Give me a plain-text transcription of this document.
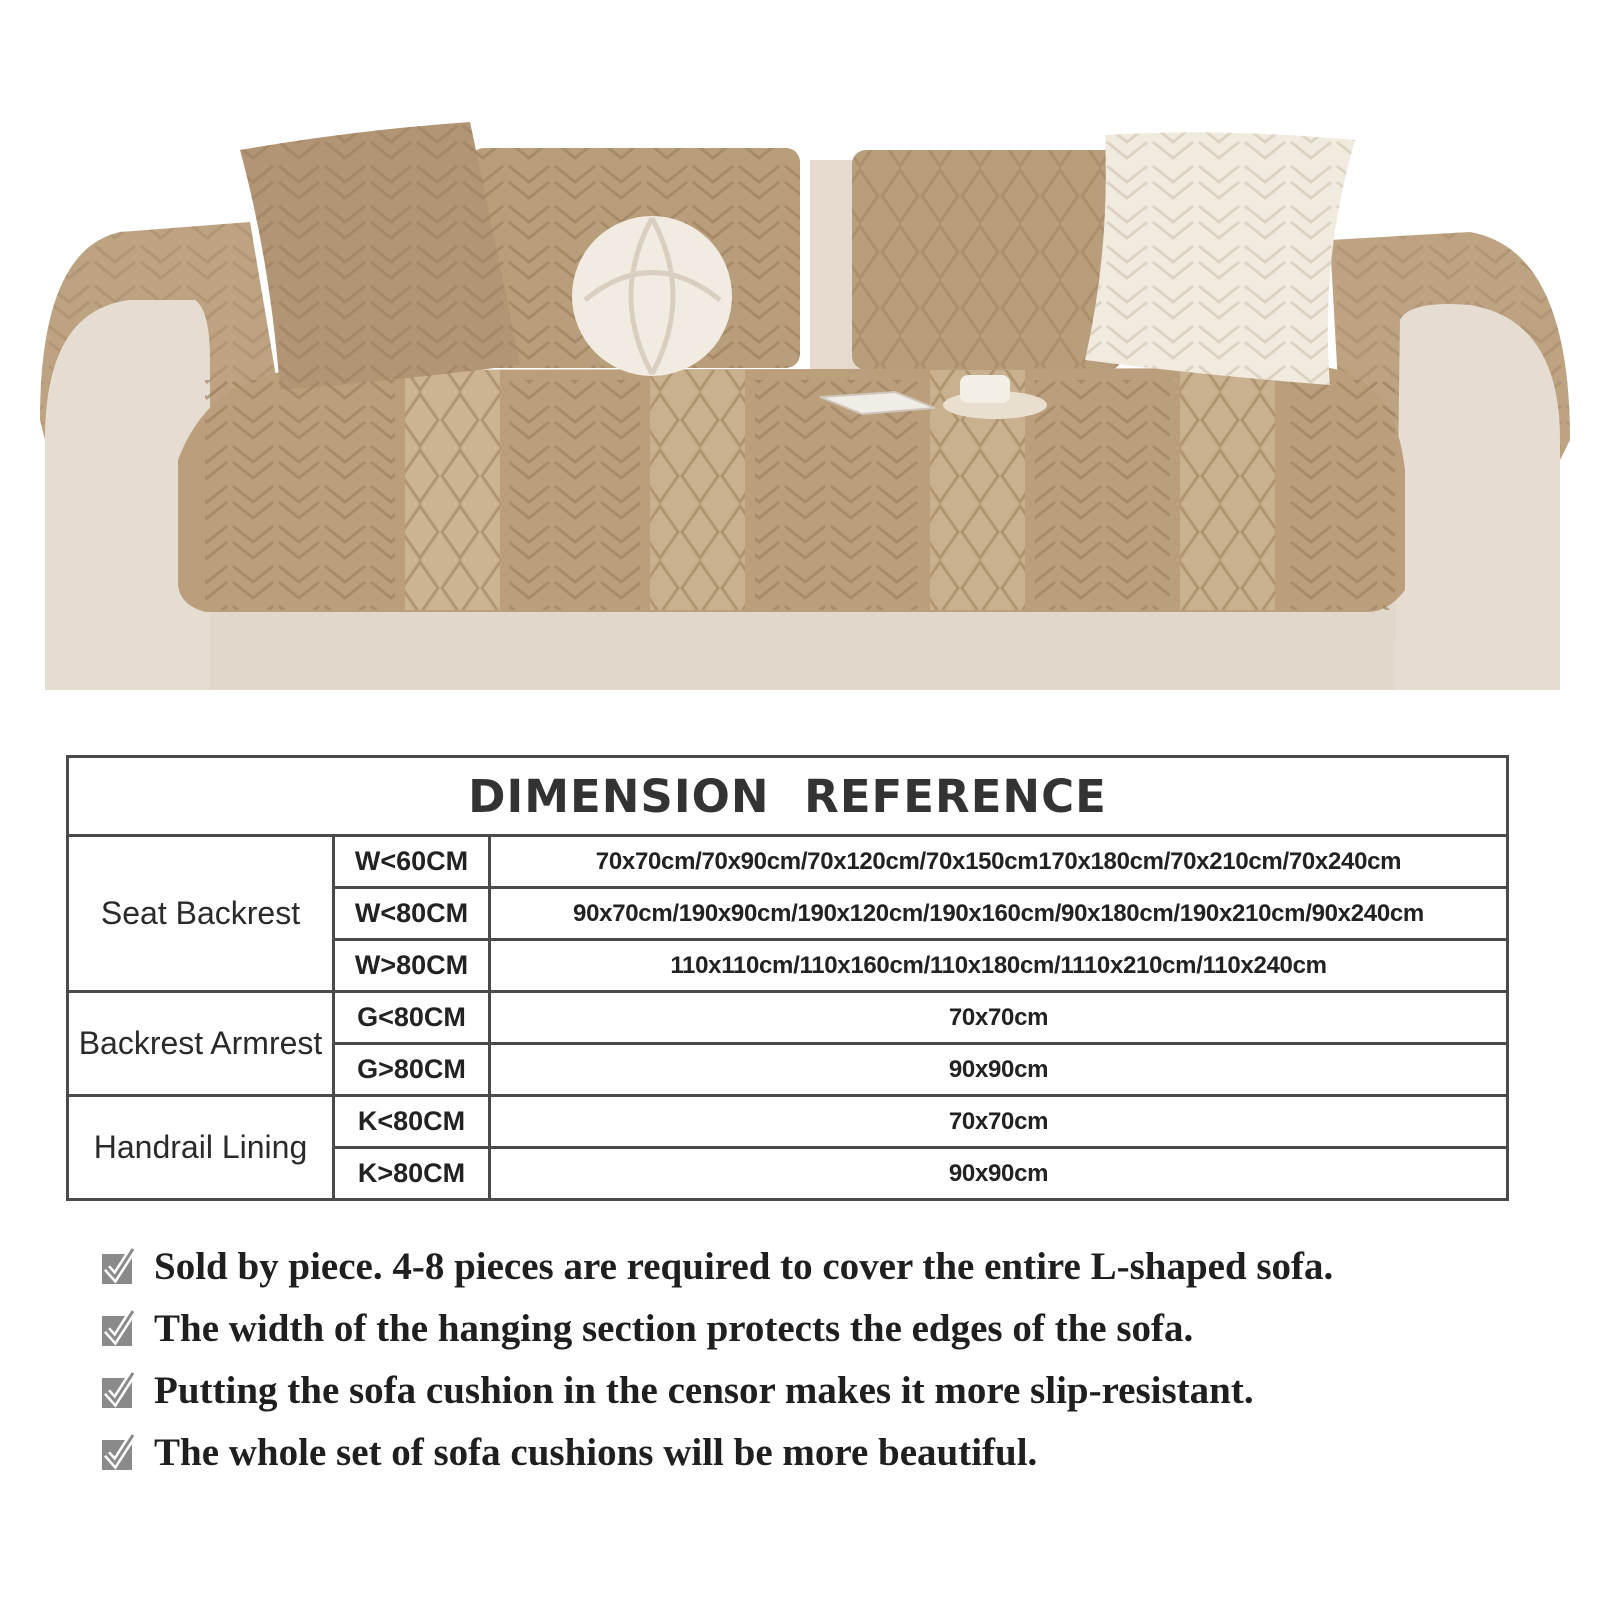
DIMENSION REFERENCE		
Seat Backrest	W<60CM	70x70cm/70x90cm/70x120cm/70x150cm170x180cm/70x210cm/70x240cm
	W<80CM	90x70cm/190x90cm/190x120cm/190x160cm/90x180cm/190x210cm/90x240cm
	W>80CM	110x110cm/110x160cm/110x180cm/1110x210cm/110x240cm
Backrest Armrest	G<80CM	70x70cm
	G>80CM	90x90cm
Handrail Lining	K<80CM	70x70cm
	K>80CM	90x90cm
Sold by piece. 4-8 pieces are required to cover the entire L-shaped sofa.
The width of the hanging section protects the edges of the sofa.
Putting the sofa cushion in the censor makes it more slip-resistant.
The whole set of sofa cushions will be more beautiful.
